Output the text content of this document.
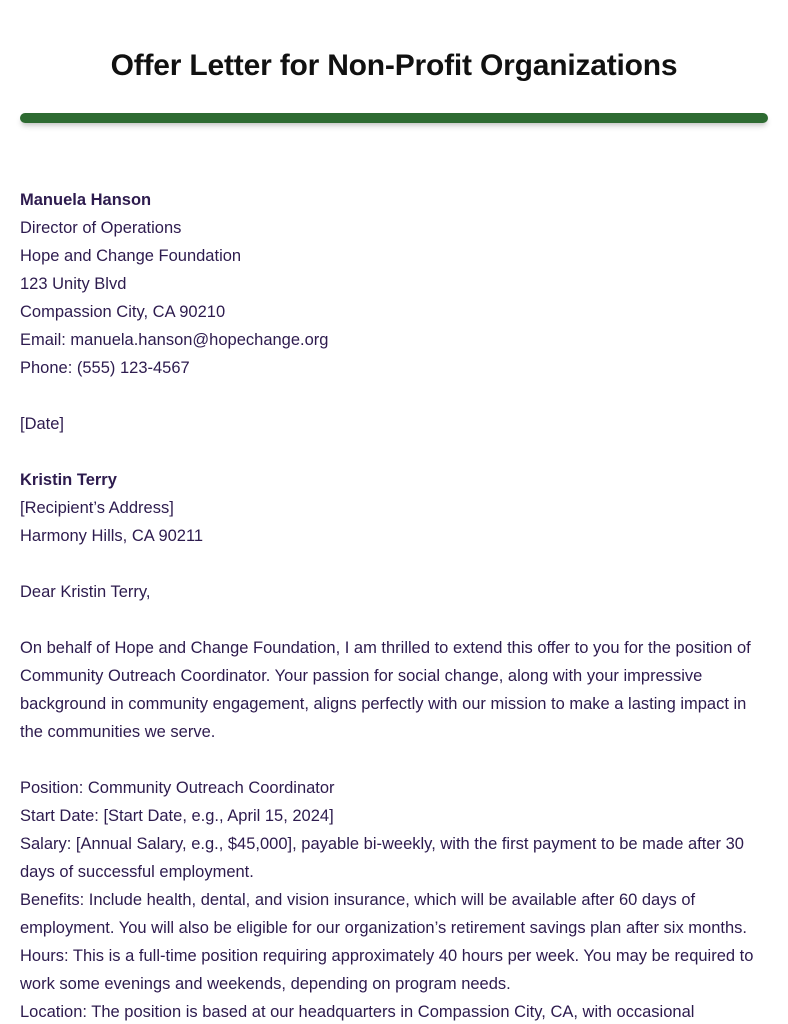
Offer Letter for Non-Profit Organizations

Manuela Hanson

Director of Operations

Hope and Change Foundation

123 Unity Blvd

Compassion City, CA 90210

Email: manuela.hanson@hopechange.org

Phone: (555) 123-4567

[Date]

Kristin Terry

[Recipient’s Address]

Harmony Hills, CA 90211

Dear Kristin Terry,

On behalf of Hope and Change Foundation, I am thrilled to extend this offer to you for the position of Community Outreach Coordinator. Your passion for social change, along with your impressive background in community engagement, aligns perfectly with our mission to make a lasting impact in the communities we serve.

Position: Community Outreach Coordinator

Start Date: [Start Date, e.g., April 15, 2024]

Salary: [Annual Salary, e.g., $45,000], payable bi-weekly, with the first payment to be made after 30 days of successful employment.

Benefits: Include health, dental, and vision insurance, which will be available after 60 days of employment. You will also be eligible for our organization’s retirement savings plan after six months.

Hours: This is a full-time position requiring approximately 40 hours per week. You may be required to work some evenings and weekends, depending on program needs.

Location: The position is based at our headquarters in Compassion City, CA, with occasional
